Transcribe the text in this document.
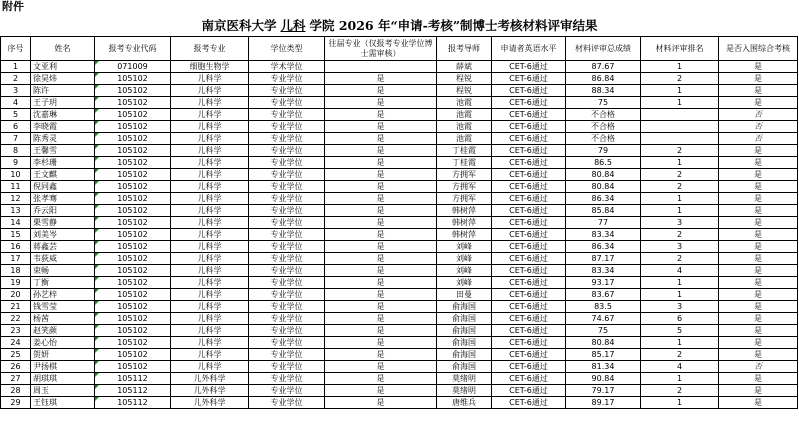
附件
南京医科大学 儿科 学院 2026 年“申请-考核”制博士考核材料评审结果
序号	姓名	报考专业代码	报考专业	学位类型	往届专业（仅报考专业学位博士需审核）	报考导师	申请者英语水平	材料评审总成绩	材料评审排名	是否入围综合考核
1	文亚利	071009	细胞生物学	学术学位		薛斌	CET-6通过	87.67	1	是
2	徐昊炜	105102	儿科学	专业学位	是	程锐	CET-6通过	86.84	2	是
3	陈许	105102	儿科学	专业学位	是	程锐	CET-6通过	88.34	1	是
4	王子玥	105102	儿科学	专业学位	是	池霞	CET-6通过	75	1	是
5	沈嘉琳	105102	儿科学	专业学位	是	池霞	CET-6通过	不合格		否
6	李晓霞	105102	儿科学	专业学位	是	池霞	CET-6通过	不合格		否
7	陈秀灵	105102	儿科学	专业学位	是	池霞	CET-6通过	不合格		否
8	王馨雪	105102	儿科学	专业学位	是	丁桂霞	CET-6通过	79	2	是
9	李杉珊	105102	儿科学	专业学位	是	丁桂霞	CET-6通过	86.5	1	是
10	王文麒	105102	儿科学	专业学位	是	方拥军	CET-6通过	80.84	2	是
11	倪同鑫	105102	儿科学	专业学位	是	方拥军	CET-6通过	80.84	2	是
12	张孝骞	105102	儿科学	专业学位	是	方拥军	CET-6通过	86.34	1	是
13	乔云阳	105102	儿科学	专业学位	是	韩树萍	CET-6通过	85.84	1	是
14	栗雪静	105102	儿科学	专业学位	是	韩树萍	CET-6通过	77	3	是
15	刘美岑	105102	儿科学	专业学位	是	韩树萍	CET-6通过	83.34	2	是
16	蒋鑫芸	105102	儿科学	专业学位	是	刘峰	CET-6通过	86.34	3	是
17	韦荻威	105102	儿科学	专业学位	是	刘峰	CET-6通过	87.17	2	是
18	束畅	105102	儿科学	专业学位	是	刘峰	CET-6通过	83.34	4	是
19	丁衡	105102	儿科学	专业学位	是	刘峰	CET-6通过	93.17	1	是
20	孙艺梓	105102	儿科学	专业学位	是	田曼	CET-6通过	83.67	1	是
21	钱雪莹	105102	儿科学	专业学位	是	俞海国	CET-6通过	83.5	3	是
22	杨茜	105102	儿科学	专业学位	是	俞海国	CET-6通过	74.67	6	是
23	赵笑颜	105102	儿科学	专业学位	是	俞海国	CET-6通过	75	5	是
24	姜心怡	105102	儿科学	专业学位	是	俞海国	CET-6通过	80.84	1	是
25	贺妍	105102	儿科学	专业学位	是	俞海国	CET-6通过	85.17	2	是
26	尹扬棋	105102	儿科学	专业学位	是	俞海国	CET-6通过	81.34	4	否
27	胡琪琪	105112	儿外科学	专业学位	是	莫绪明	CET-6通过	90.84	1	是
28	周玉	105112	儿外科学	专业学位	是	莫绪明	CET-6通过	79.17	2	是
29	王钰琪	105112	儿外科学	专业学位	是	唐维兵	CET-6通过	89.17	1	是
